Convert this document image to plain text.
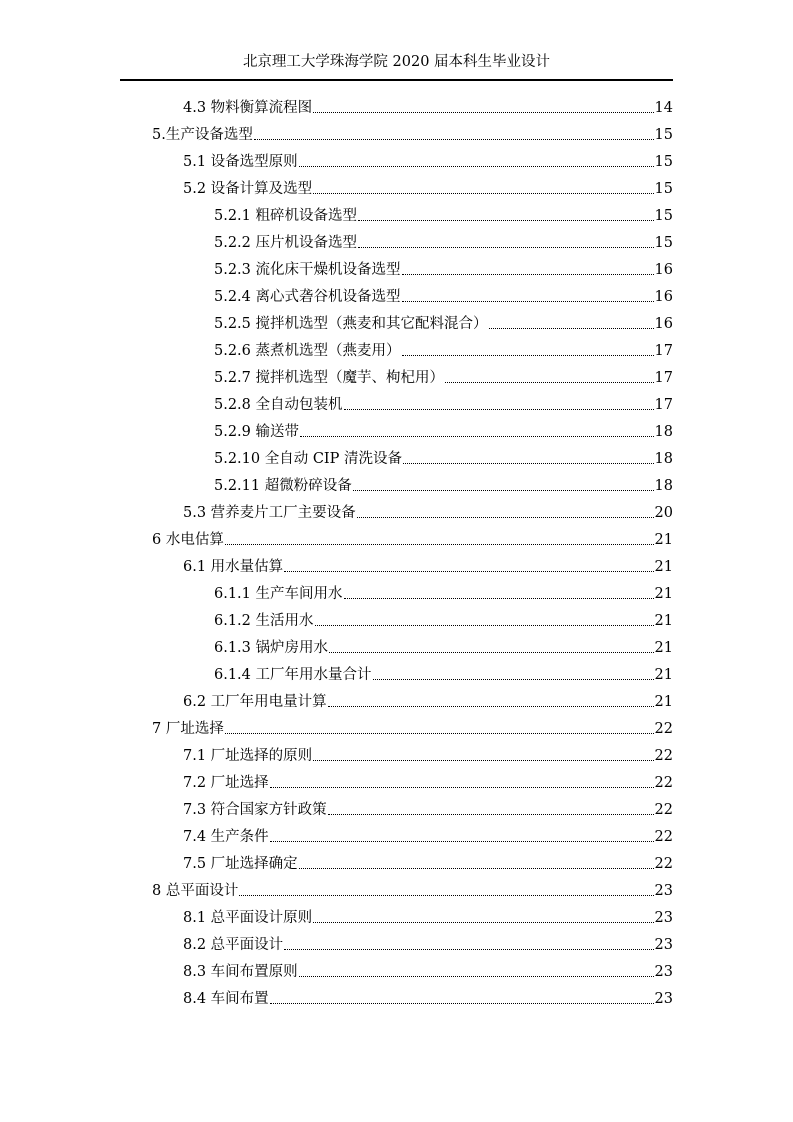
北京理工大学珠海学院 2020 届本科生毕业设计
4.3 物料衡算流程图	14
5.生产设备选型	15
5.1 设备选型原则	15
5.2 设备计算及选型	15
5.2.1 粗碎机设备选型	15
5.2.2 压片机设备选型	15
5.2.3 流化床干燥机设备选型	16
5.2.4 离心式砻谷机设备选型	16
5.2.5 搅拌机选型（燕麦和其它配料混合）	16
5.2.6 蒸煮机选型（燕麦用）	17
5.2.7 搅拌机选型（魔芋、枸杞用）	17
5.2.8 全自动包装机	17
5.2.9 输送带	18
5.2.10 全自动 CIP 清洗设备	18
5.2.11 超微粉碎设备	18
5.3 营养麦片工厂主要设备	20
6 水电估算	21
6.1 用水量估算	21
6.1.1 生产车间用水	21
6.1.2 生活用水	21
6.1.3 锅炉房用水	21
6.1.4 工厂年用水量合计	21
6.2 工厂年用电量计算	21
7 厂址选择	22
7.1 厂址选择的原则	22
7.2 厂址选择	22
7.3 符合国家方针政策	22
7.4 生产条件	22
7.5 厂址选择确定	22
8 总平面设计	23
8.1 总平面设计原则	23
8.2 总平面设计	23
8.3 车间布置原则	23
8.4 车间布置	23
